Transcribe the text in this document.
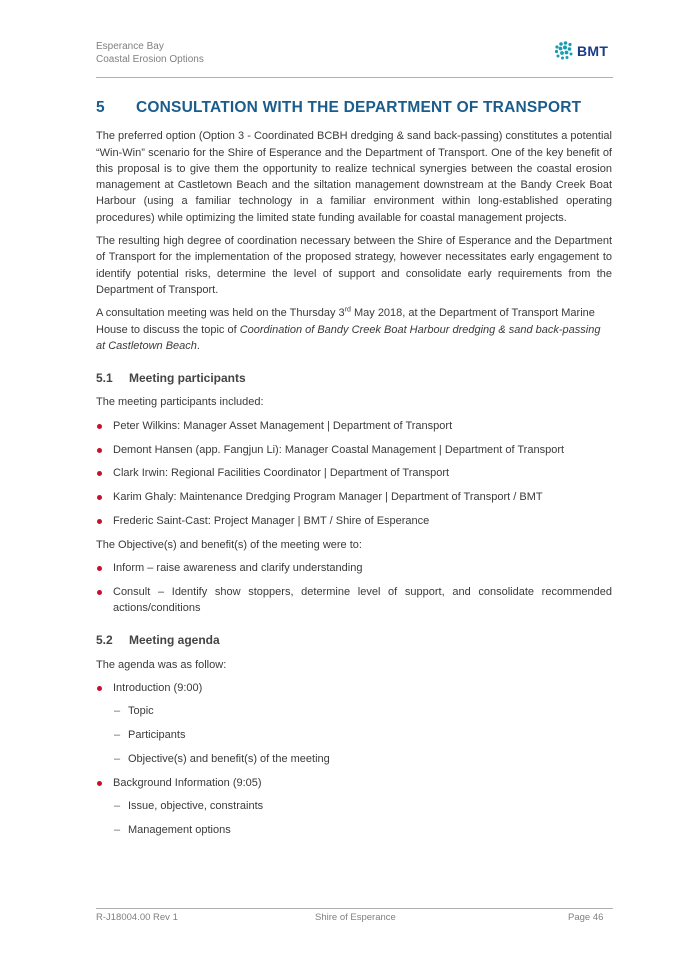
Esperance Bay
Coastal Erosion Options
BMT
5	CONSULTATION WITH THE DEPARTMENT OF TRANSPORT

The preferred option (Option 3 - Coordinated BCBH dredging & sand back-passing) constitutes a potential “Win-Win” scenario for the Shire of Esperance and the Department of Transport. One of the key benefit of this proposal is to give them the opportunity to realize technical synergies between the coastal erosion management at Castletown Beach and the siltation management downstream at the Bandy Creek Boat Harbour (using a familiar technology in a familiar environment within long-established operating procedures) while optimizing the limited state funding available for coastal management projects.

The resulting high degree of coordination necessary between the Shire of Esperance and the Department of Transport for the implementation of the proposed strategy, however necessitates early engagement to identify potential risks, determine the level of support and consolidate early requirements from the Department of Transport.

A consultation meeting was held on the Thursday 3rd May 2018, at the Department of Transport Marine House to discuss the topic of Coordination of Bandy Creek Boat Harbour dredging & sand back-passing at Castletown Beach.

5.1	Meeting participants

The meeting participants included:

Peter Wilkins: Manager Asset Management | Department of Transport
Demont Hansen (app. Fangjun Li): Manager Coastal Management | Department of Transport
Clark Irwin: Regional Facilities Coordinator | Department of Transport
Karim Ghaly: Maintenance Dredging Program Manager | Department of Transport / BMT
Frederic Saint-Cast: Project Manager | BMT / Shire of Esperance

The Objective(s) and benefit(s) of the meeting were to:

Inform – raise awareness and clarify understanding
Consult – Identify show stoppers, determine level of support, and consolidate recommended actions/conditions
5.2	Meeting agenda

The agenda was as follow:

Introduction (9:00)
– Topic
– Participants
– Objective(s) and benefit(s) of the meeting
Background Information (9:05)
– Issue, objective, constraints
– Management options
R-J18004.00 Rev 1	Shire of Esperance	Page 46
